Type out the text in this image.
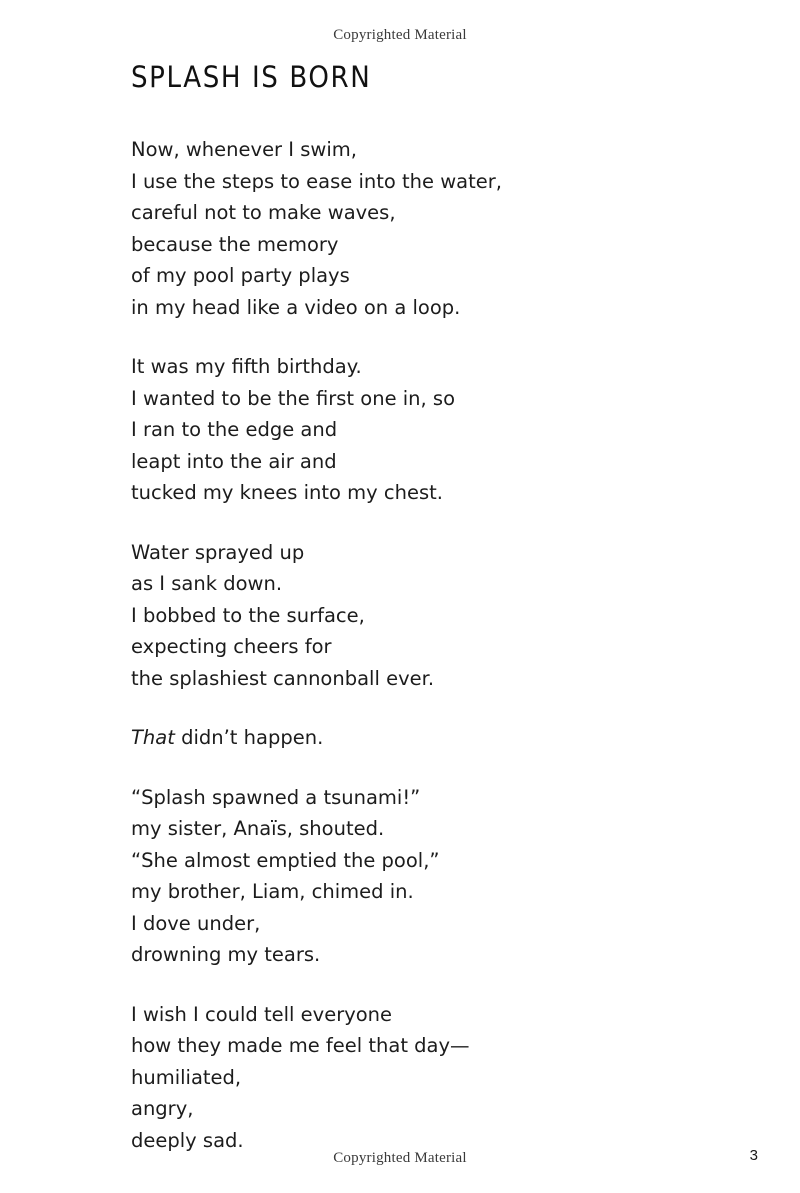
Copyrighted Material
SPLASH IS BORN
Now, whenever I swim,
I use the steps to ease into the water,
careful not to make waves,
because the memory
of my pool party plays
in my head like a video on a loop.
It was my fifth birthday.
I wanted to be the first one in, so
I ran to the edge and
leapt into the air and
tucked my knees into my chest.
Water sprayed up
as I sank down.
I bobbed to the surface,
expecting cheers for
the splashiest cannonball ever.
That didn’t happen.
“Splash spawned a tsunami!”
my sister, Anaïs, shouted.
“She almost emptied the pool,”
my brother, Liam, chimed in.
I dove under,
drowning my tears.
I wish I could tell everyone
how they made me feel that day—
humiliated,
angry,
deeply sad.
Copyrighted Material	3
